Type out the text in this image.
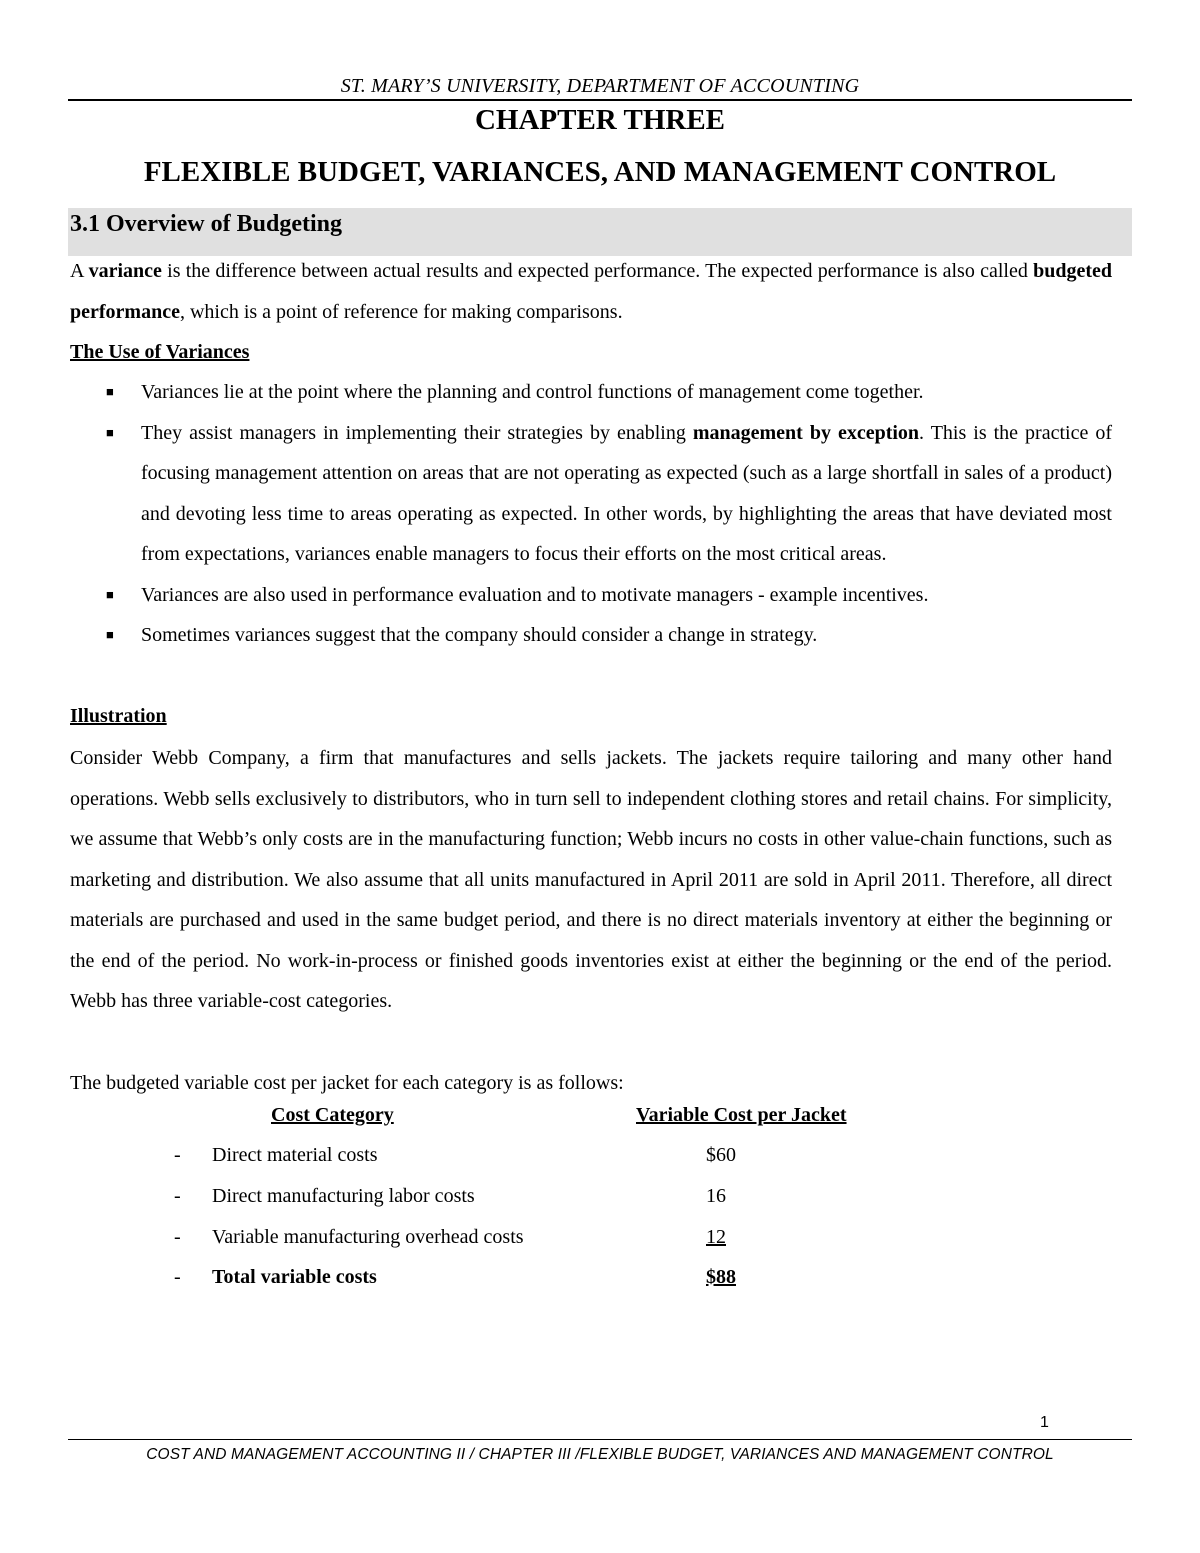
ST. MARY’S UNIVERSITY, DEPARTMENT OF ACCOUNTING
CHAPTER THREE
FLEXIBLE BUDGET, VARIANCES, AND MANAGEMENT CONTROL
3.1 Overview of Budgeting
A variance is the difference between actual results and expected performance. The expected performance is also called budgeted performance, which is a point of reference for making comparisons.
The Use of Variances
■ Variances lie at the point where the planning and control functions of management come together.
■ They assist managers in implementing their strategies by enabling management by exception. This is the practice of focusing management attention on areas that are not operating as expected (such as a large shortfall in sales of a product) and devoting less time to areas operating as expected. In other words, by highlighting the areas that have deviated most from expectations, variances enable managers to focus their efforts on the most critical areas.
■ Variances are also used in performance evaluation and to motivate managers - example incentives.
■ Sometimes variances suggest that the company should consider a change in strategy.
Illustration
Consider Webb Company, a firm that manufactures and sells jackets. The jackets require tailoring and many other hand operations. Webb sells exclusively to distributors, who in turn sell to independent clothing stores and retail chains. For simplicity, we assume that Webb’s only costs are in the manufacturing function; Webb incurs no costs in other value-chain functions, such as marketing and distribution. We also assume that all units manufactured in April 2011 are sold in April 2011. Therefore, all direct materials are purchased and used in the same budget period, and there is no direct materials inventory at either the beginning or the end of the period. No work-in-process or finished goods inventories exist at either the beginning or the end of the period. Webb has three variable-cost categories.
The budgeted variable cost per jacket for each category is as follows:
Cost Category	Variable Cost per Jacket
- Direct material costs	$60
- Direct manufacturing labor costs	16
- Variable manufacturing overhead costs	12
- Total variable costs	$88
1
COST AND MANAGEMENT ACCOUNTING II / CHAPTER III /FLEXIBLE BUDGET, VARIANCES AND MANAGEMENT CONTROL
